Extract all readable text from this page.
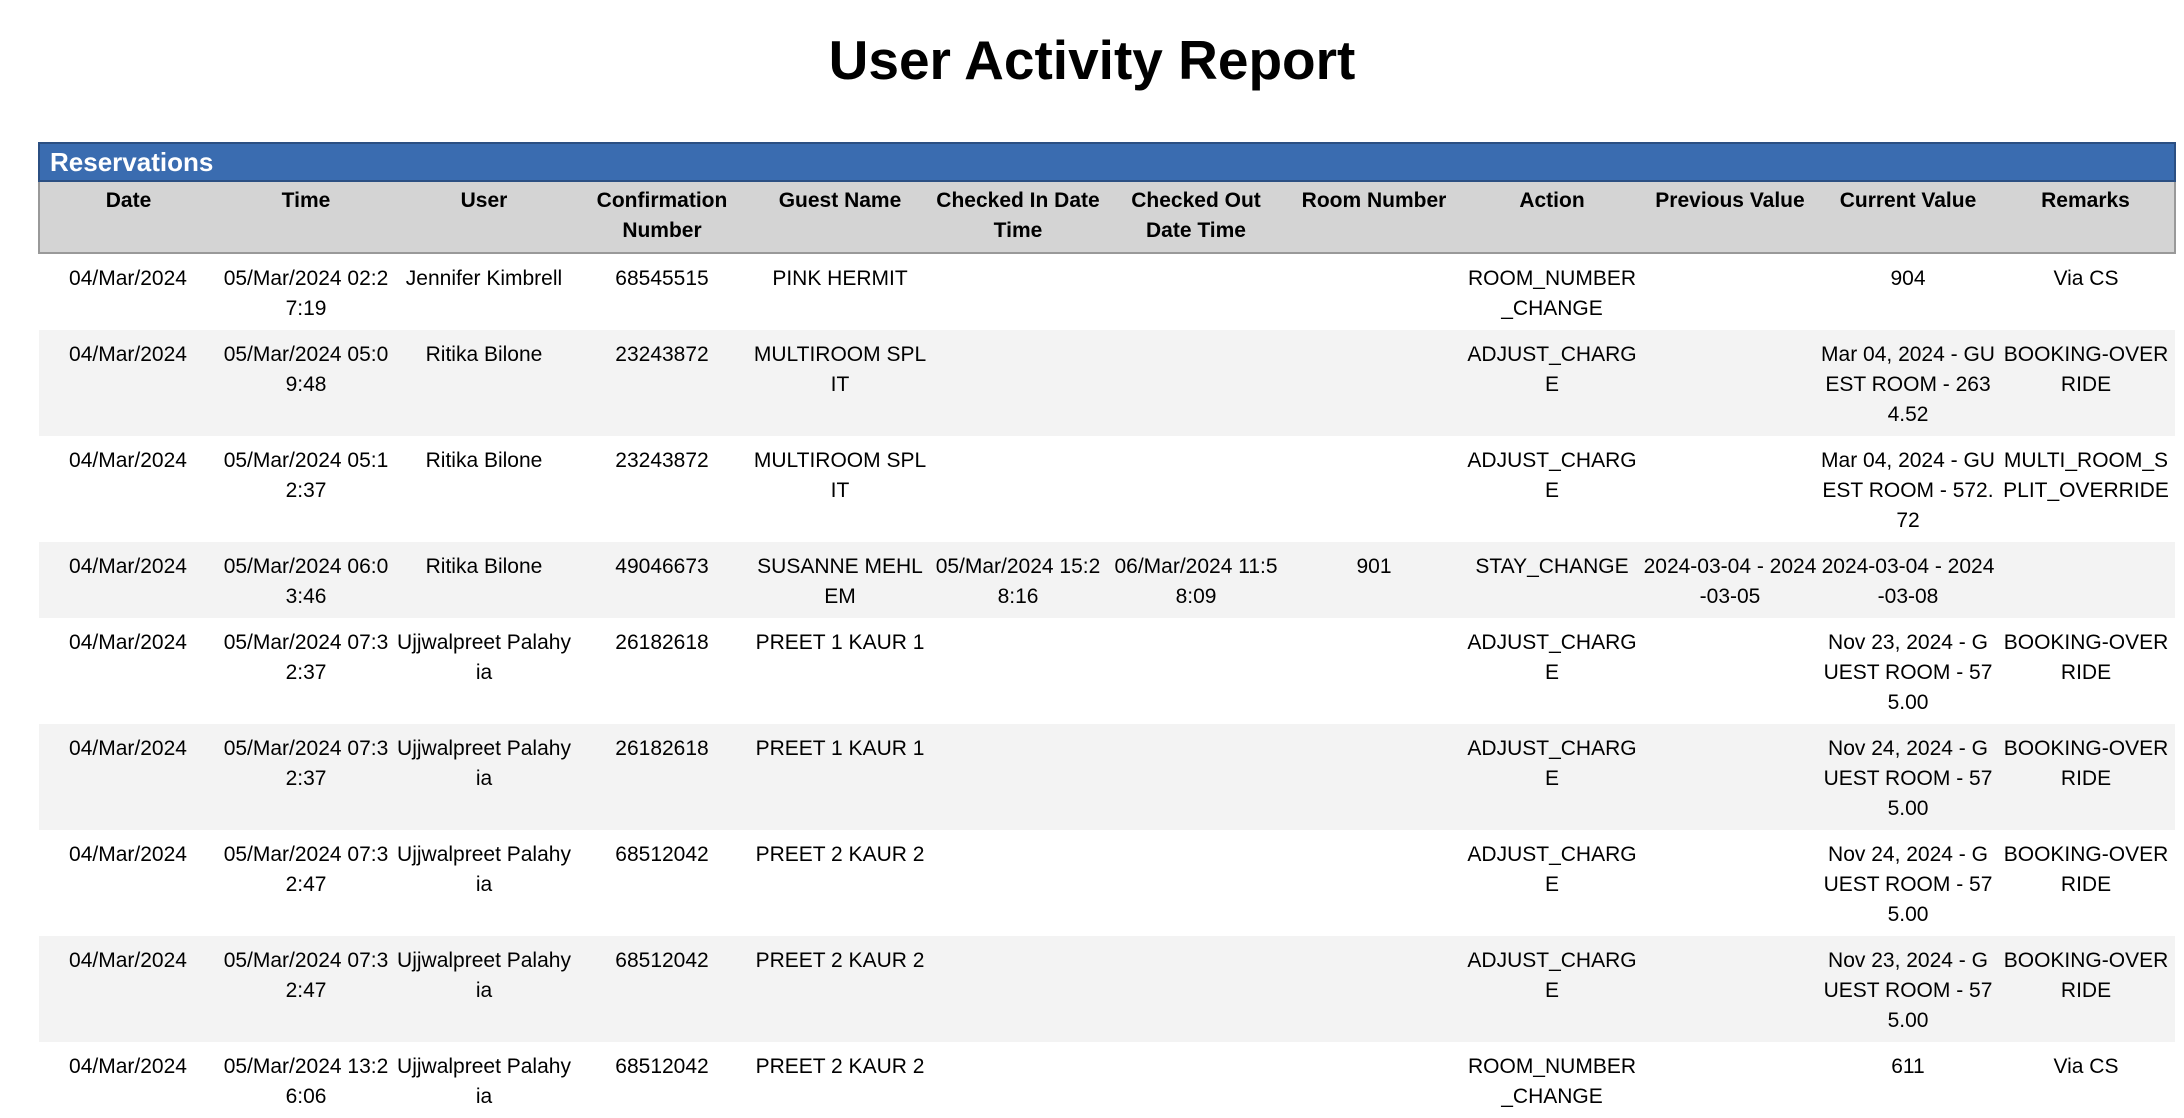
User Activity Report
Reservations
Date	Time	User	Confirmation Number	Guest Name	Checked In Date Time	Checked Out Date Time	Room Number	Action	Previous Value	Current Value	Remarks
04/Mar/2024	05/Mar/2024 02:27:19	Jennifer Kimbrell	68545515	PINK HERMIT				ROOM_NUMBER_CHANGE		904	Via CS
04/Mar/2024	05/Mar/2024 05:09:48	Ritika Bilone	23243872	MULTIROOM SPLIT				ADJUST_CHARGE		Mar 04, 2024 - GUEST ROOM - 2634.52	BOOKING-OVERRIDE
04/Mar/2024	05/Mar/2024 05:12:37	Ritika Bilone	23243872	MULTIROOM SPLIT				ADJUST_CHARGE		Mar 04, 2024 - GUEST ROOM - 572.72	MULTI_ROOM_SPLIT_OVERRIDE
04/Mar/2024	05/Mar/2024 06:03:46	Ritika Bilone	49046673	SUSANNE MEHLEM	05/Mar/2024 15:28:16	06/Mar/2024 11:58:09	901	STAY_CHANGE	2024-03-04 - 2024-03-05	2024-03-04 - 2024-03-08	
04/Mar/2024	05/Mar/2024 07:32:37	Ujjwalpreet Palahyia	26182618	PREET 1 KAUR 1				ADJUST_CHARGE		Nov 23, 2024 - GUEST ROOM - 575.00	BOOKING-OVERRIDE
04/Mar/2024	05/Mar/2024 07:32:37	Ujjwalpreet Palahyia	26182618	PREET 1 KAUR 1				ADJUST_CHARGE		Nov 24, 2024 - GUEST ROOM - 575.00	BOOKING-OVERRIDE
04/Mar/2024	05/Mar/2024 07:32:47	Ujjwalpreet Palahyia	68512042	PREET 2 KAUR 2				ADJUST_CHARGE		Nov 24, 2024 - GUEST ROOM - 575.00	BOOKING-OVERRIDE
04/Mar/2024	05/Mar/2024 07:32:47	Ujjwalpreet Palahyia	68512042	PREET 2 KAUR 2				ADJUST_CHARGE		Nov 23, 2024 - GUEST ROOM - 575.00	BOOKING-OVERRIDE
04/Mar/2024	05/Mar/2024 13:26:06	Ujjwalpreet Palahyia	68512042	PREET 2 KAUR 2				ROOM_NUMBER_CHANGE		611	Via CS
